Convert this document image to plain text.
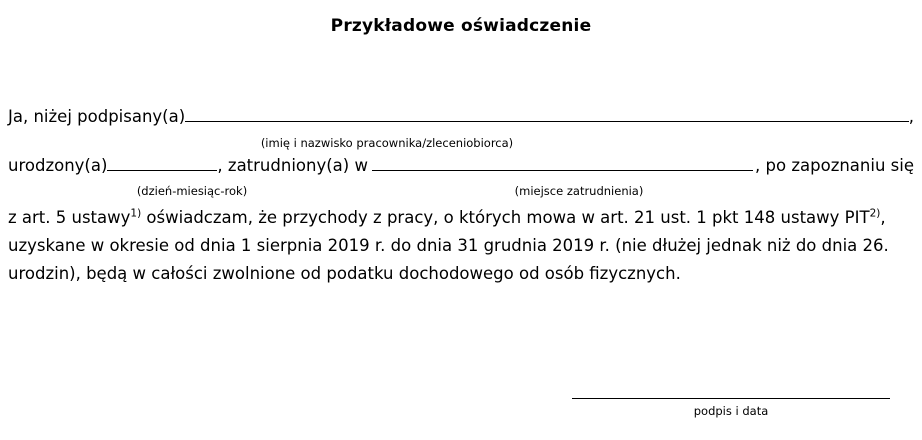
Przykładowe oświadczenie
Ja, niżej podpisany(a)	,
(imię i nazwisko pracownika/zleceniobiorca)
urodzony(a)	, zatrudniony(a) w	, po zapoznaniu się
(dzień-miesiąc-rok)	(miejsce zatrudnienia)
z art. 5 ustawy$^{1)}$ oświadczam, że przychody z pracy, o których mowa w art. 21 ust. 1 pkt 148 ustawy PIT$^{2)}$, uzyskane w okresie od dnia 1 sierpnia 2019 r. do dnia 31 grudnia 2019 r. (nie dłużej jednak niż do dnia 26. urodzin), będą w całości zwolnione od podatku dochodowego od osób fizycznych.
podpis i data
